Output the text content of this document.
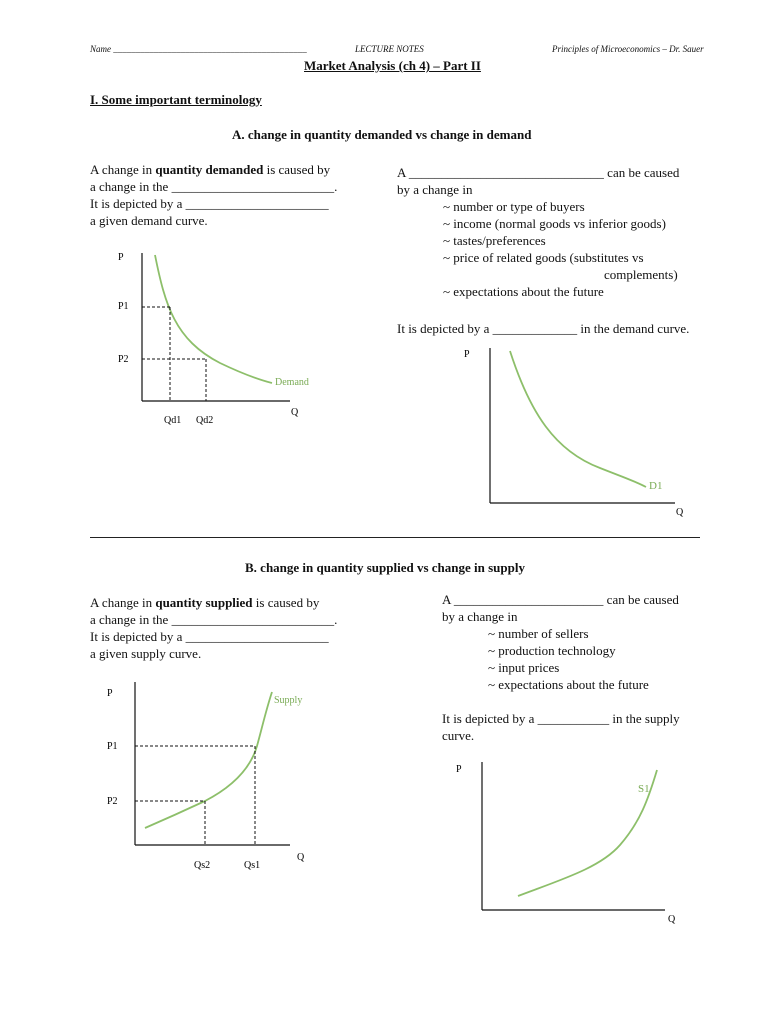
Name ___________________________________________	LECTURE NOTES	Principles of Microeconomics – Dr. Sauer
Market Analysis (ch 4) – Part II
I. Some important terminology
A. change in quantity demanded vs change in demand
A change in quantity demanded is caused by
a change in the _________________________.
It is depicted by a ______________________
a given demand curve.
A ______________________________ can be caused
by a change in
~ number or type of buyers
~ income (normal goods vs inferior goods)
~ tastes/preferences
~ price of related goods (substitutes vs
complements)
~ expectations about the future
It is depicted by a _____________ in the demand curve.
P
P1
P2
Qd1 Qd2
Q
Demand
P
Q
D1
B. change in quantity supplied vs change in supply
A change in quantity supplied is caused by
a change in the _________________________.
It is depicted by a ______________________
a given supply curve.
A _______________________ can be caused
by a change in
~ number of sellers
~ production technology
~ input prices
~ expectations about the future
It is depicted by a ___________ in the supply
curve.
P
P1
P2
Qs2	Qs1
Q
Supply
P
Q
S1
